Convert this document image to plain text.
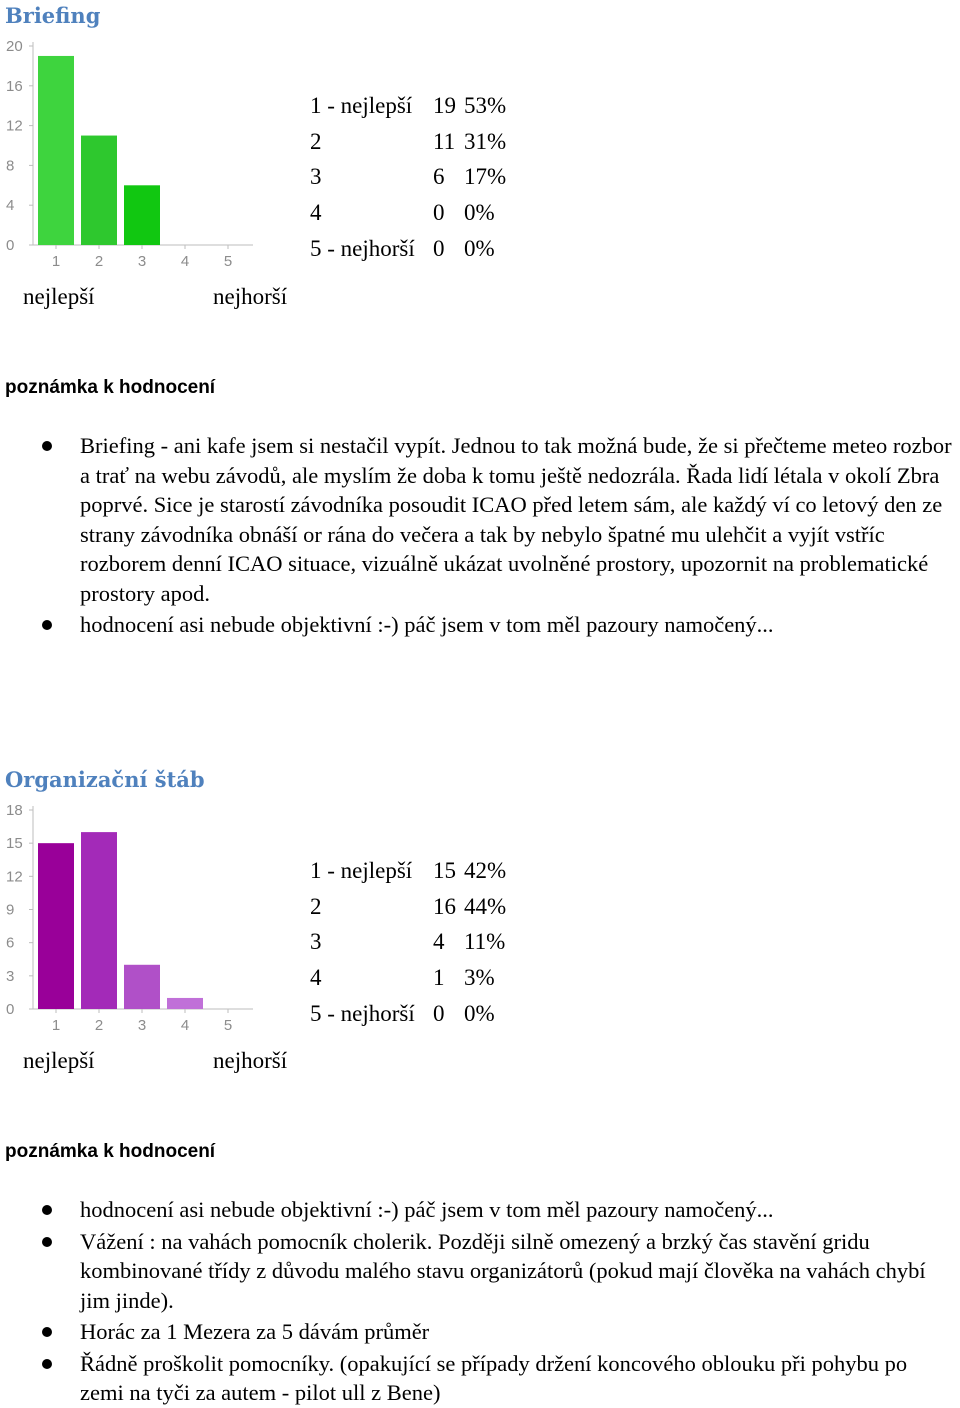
Briefing
0
4
8
12
16
20
1 2 3 4 5
1 - nejlepší 19 53%
2	11 31%
3	6 17%
4	0 0%
5 - nejhorší 0 0%
nejlepší	nejhorší
poznámka k hodnocení
Briefing - ani kafe jsem si nestačil vypít. Jednou to tak možná bude, že si přečteme meteo rozbor a trať na webu závodů, ale myslím že doba k tomu ještě nedozrála. Řada lidí létala v okolí Zbra poprvé. Sice je starostí závodníka posoudit ICAO před letem sám, ale každý ví co letový den ze strany závodníka obnáší or rána do večera a tak by nebylo špatné mu ulehčit a vyjít vstříc rozborem denní ICAO situace, vizuálně ukázat uvolněné prostory, upozornit na problematické prostory apod.
hodnocení asi nebude objektivní :-) páč jsem v tom měl pazoury namočený...
Organizační štáb
0
3
6
9
12
15
18
1 2 3 4 5
1 - nejlepší 15 42%
2	16 44%
3	4 11%
4	1 3%
5 - nejhorší 0 0%
nejlepší	nejhorší
poznámka k hodnocení
hodnocení asi nebude objektivní :-) páč jsem v tom měl pazoury namočený...
Vážení : na vahách pomocník cholerik. Později silně omezený a brzký čas stavění gridu kombinované třídy z důvodu malého stavu organizátorů (pokud mají člověka na vahách chybí jim jinde).
Horác za 1 Mezera za 5 dávám průměr
Řádně proškolit pomocníky. (opakující se případy držení koncového oblouku při pohybu po zemi na tyči za autem - pilot ull z Bene)
